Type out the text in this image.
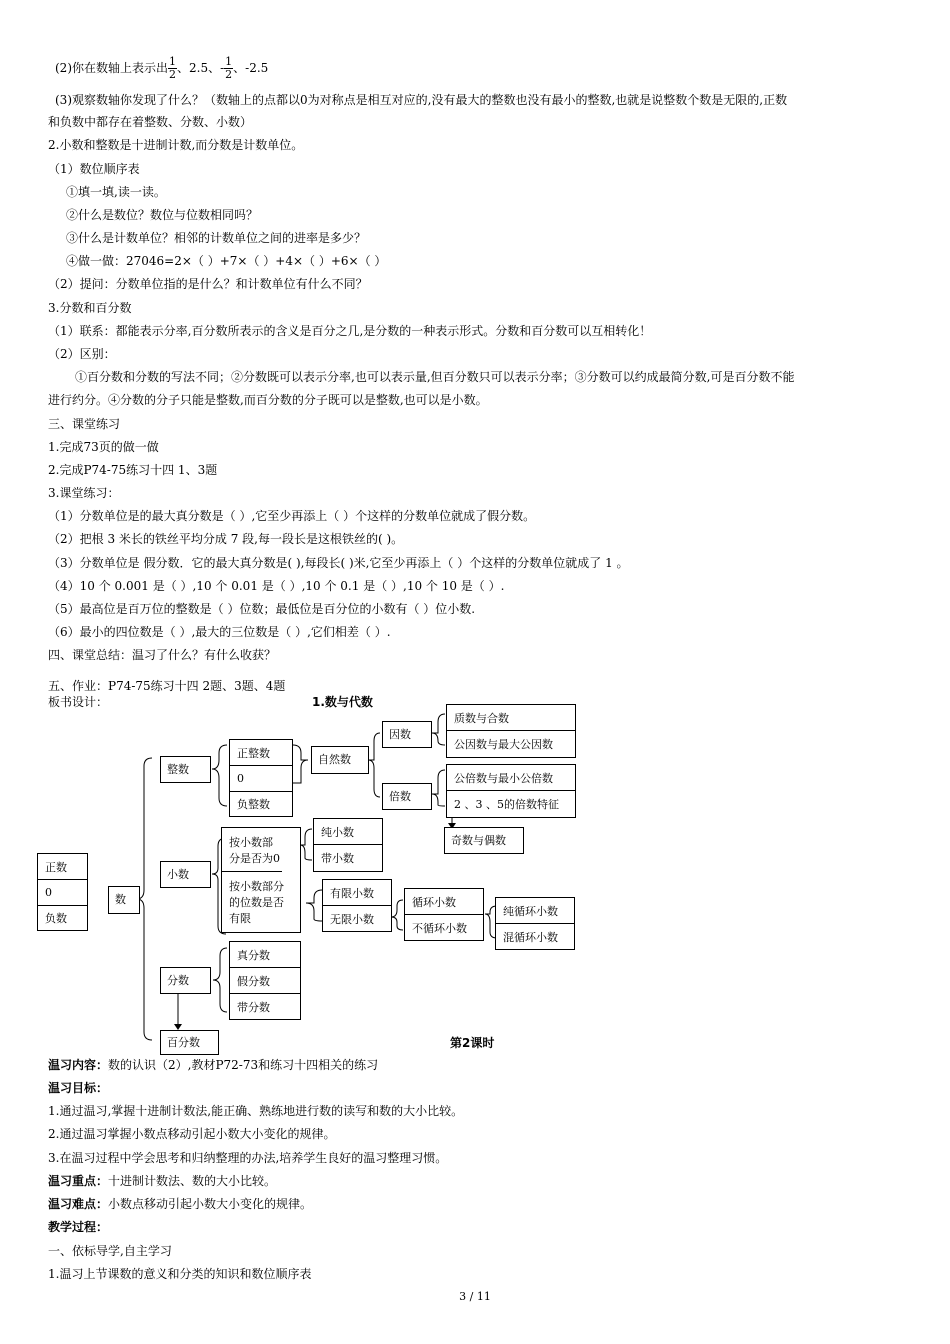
(2)你在数轴上表示出 $\frac{1}{2}$ 、2.5、- $\frac{1}{2}$ 、-2.5
(3)观察数轴你发现了什么？（数轴上的点都以0为对称点是相互对应的,没有最大的整数也没有最小的整数,也就是说整数个数是无限的,正数
和负数中都存在着整数、分数、小数）
2.小数和整数是十进制计数,而分数是计数单位。
（1）数位顺序表
①填一填,读一读。
②什么是数位？数位与位数相同吗？
③什么是计数单位？相邻的计数单位之间的进率是多少？
④做一做：27046=2×（ ）+7×（ ）+4×（ ）+6×（ ）
（2）提问：分数单位指的是什么？和计数单位有什么不同？
3.分数和百分数
（1）联系：都能表示分率,百分数所表示的含义是百分之几,是分数的一种表示形式。分数和百分数可以互相转化！
（2）区别：
①百分数和分数的写法不同；②分数既可以表示分率,也可以表示量,但百分数只可以表示分率；③分数可以约成最简分数,可是百分数不能
进行约分。④分数的分子只能是整数,而百分数的分子既可以是整数,也可以是小数。
三、课堂练习
1.完成73页的做一做
2.完成P74-75练习十四 1、3题
3.课堂练习：
（1）分数单位是的最大真分数是（ ）,它至少再添上（ ）个这样的分数单位就成了假分数。
（2）把根 3 米长的铁丝平均分成 7 段,每一段长是这根铁丝的( )。
（3）分数单位是 假分数．它的最大真分数是( ),每段长( )米,它至少再添上（ ）个这样的分数单位就成了 1 。
（4）10 个 0.001 是（ ）,10 个 0.01 是（ ）,10 个 0.1 是（ ）,10 个 10 是（ ）.
（5）最高位是百万位的整数是（ ）位数；最低位是百分位的小数有（ ）位小数.
（6）最小的四位数是（ ）,最大的三位数是（ ）,它们相差（ ）.
四、课堂总结：温习了什么？有什么收获？
五、作业：P74-75练习十四 2题、3题、4题
板书设计：	1.数与代数
正数
0
负数
数
整数
正整数
0
负整数
自然数
因数
质数与合数
公因数与最大公因数
倍数
公倍数与最小公倍数
2 、3 、5的倍数特征
奇数与偶数
小数
按小数部分是否为0
按小数部分的位数是否有限
纯小数
带小数
有限小数
无限小数
循环小数
不循环小数
纯循环小数
混循环小数
分数
真分数
假分数
带分数
百分数	第2课时
温习内容：数的认识（2）,教材P72-73和练习十四相关的练习
温习目标：
1.通过温习,掌握十进制计数法,能正确、熟练地进行数的读写和数的大小比较。
2.通过温习掌握小数点移动引起小数大小变化的规律。
3.在温习过程中学会思考和归纳整理的办法,培养学生良好的温习整理习惯。
温习重点：十进制计数法、数的大小比较。
温习难点：小数点移动引起小数大小变化的规律。
教学过程：
一、依标导学,自主学习
1.温习上节课数的意义和分类的知识和数位顺序表
3 / 11
